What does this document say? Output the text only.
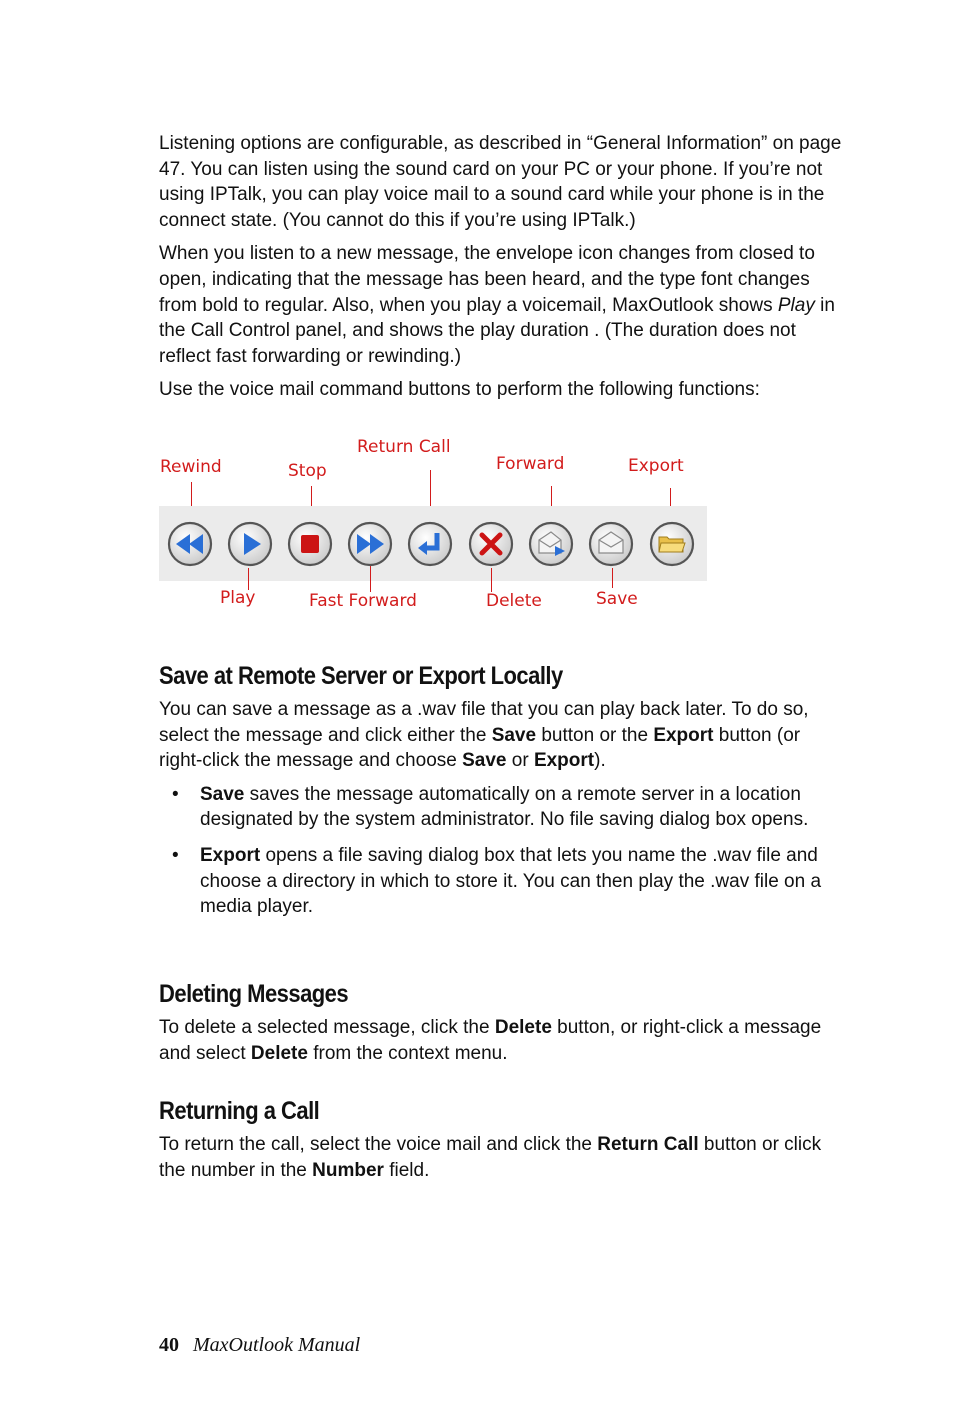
Listening options are configurable, as described in “General Information” on page 47. You can listen using the sound card on your PC or your phone. If you’re not using IPTalk, you can play voice mail to a sound card while your phone is in the connect state. (You cannot do this if you’re using IPTalk.)

When you listen to a new message, the envelope icon changes from closed to open, indicating that the message has been heard, and the type font changes from bold to regular. Also, when you play a voicemail, MaxOutlook shows Play in the Call Control panel, and shows the play duration . (The duration does not reflect fast forwarding or rewinding.)

Use the voice mail command buttons to perform the following functions:

Rewind	Stop
Return Call
Forward	Export
Play	Fast Forward	Delete	Save
Save at Remote Server or Export Locally

You can save a message as a .wav file that you can play back later. To do so, select the message and click either the Save button or the Export button (or right-click the message and choose Save or Export).

• Save saves the message automatically on a remote server in a location designated by the system administrator. No file saving dialog box opens.
• Export opens a file saving dialog box that lets you name the .wav file and choose a directory in which to store it. You can then play the .wav file on a media player.
Deleting Messages

To delete a selected message, click the Delete button, or right-click a message and select Delete from the context menu.

Returning a Call

To return the call, select the voice mail and click the Return Call button or click the number in the Number field.

40 MaxOutlook Manual
